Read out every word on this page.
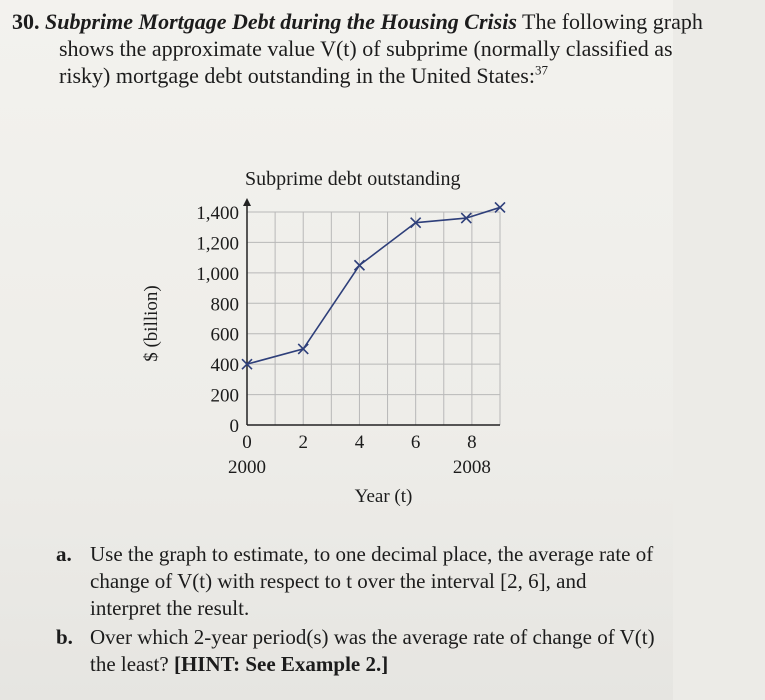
30. Subprime Mortgage Debt during the Housing Crisis The following graph shows the approximate value V(t) of subprime (normally classified as risky) mortgage debt outstanding in the United States:$^{37}$
Subprime debt outstanding
0
200
400
600
800
1,000
1,200
1,400
0 2 4 6 8
2000	2008
Year (t)
$ (billion)
a. Use the graph to estimate, to one decimal place, the average rate of change of V(t) with respect to t over the interval [2, 6], and interpret the result.
b. Over which 2-year period(s) was the average rate of change of V(t) the least? [HINT: See Example 2.]
